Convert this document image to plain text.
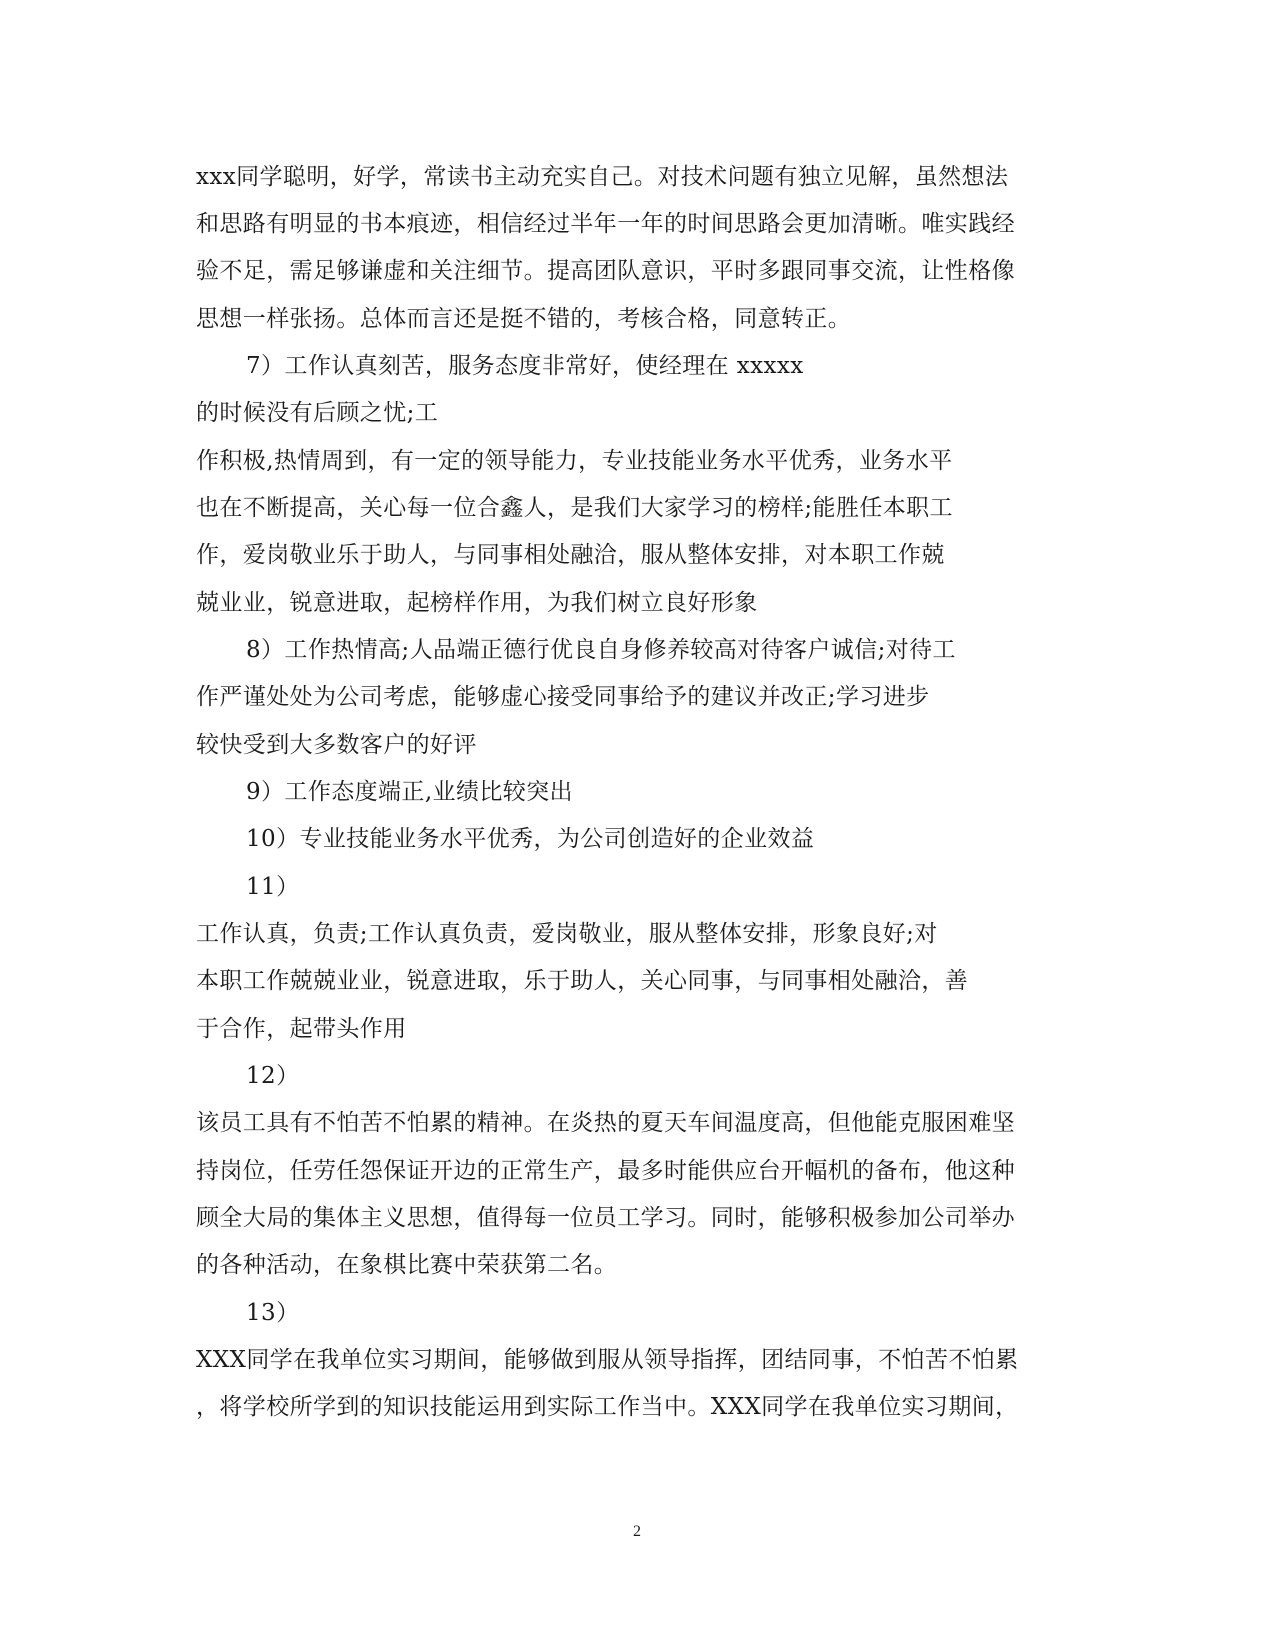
xxx同学聪明，好学，常读书主动充实自己。对技术问题有独立见解，虽然想法
和思路有明显的书本痕迹，相信经过半年一年的时间思路会更加清晰。唯实践经
验不足，需足够谦虚和关注细节。提高团队意识，平时多跟同事交流，让性格像
思想一样张扬。总体而言还是挺不错的，考核合格，同意转正。
7）工作认真刻苦，服务态度非常好，使经理在 xxxxx
的时候没有后顾之忧;工
作积极,热情周到，有一定的领导能力，专业技能业务水平优秀，业务水平
也在不断提高，关心每一位合鑫人，是我们大家学习的榜样;能胜任本职工
作，爱岗敬业乐于助人，与同事相处融洽，服从整体安排，对本职工作兢
兢业业，锐意进取，起榜样作用，为我们树立良好形象
8）工作热情高;人品端正德行优良自身修养较高对待客户诚信;对待工
作严谨处处为公司考虑，能够虚心接受同事给予的建议并改正;学习进步
较快受到大多数客户的好评
9）工作态度端正,业绩比较突出
10）专业技能业务水平优秀，为公司创造好的企业效益
11）
工作认真，负责;工作认真负责，爱岗敬业，服从整体安排，形象良好;对
本职工作兢兢业业，锐意进取，乐于助人，关心同事，与同事相处融洽，善
于合作，起带头作用
12）
该员工具有不怕苦不怕累的精神。在炎热的夏天车间温度高，但他能克服困难坚
持岗位，任劳任怨保证开边的正常生产，最多时能供应台开幅机的备布，他这种
顾全大局的集体主义思想，值得每一位员工学习。同时，能够积极参加公司举办
的各种活动，在象棋比赛中荣获第二名。
13）
XXX同学在我单位实习期间，能够做到服从领导指挥，团结同事，不怕苦不怕累
，将学校所学到的知识技能运用到实际工作当中。XXX同学在我单位实习期间，
2
